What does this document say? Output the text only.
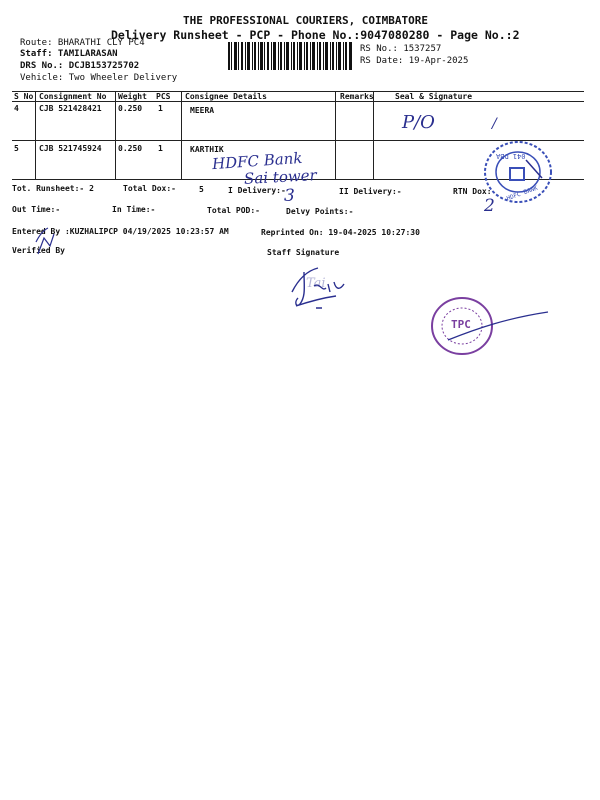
THE PROFESSIONAL COURIERS, COIMBATORE
Delivery Runsheet - PCP - Phone No.:9047080280 - Page No.:2
Route: BHARATHI CLY PC4
Staff: TAMILARASAN
DRS No.: DCJB153725702
Vehicle: Two Wheeler Delivery
RS No.: 1537257
RS Date: 19-Apr-2025
S No Consignment No Weight PCS Consignee Details	Remarks	Seal & Signature
4	CJB 521428421 0.250 1	MEERA
P/O	/
5	CJB 521745924 0.250 1	KARTHIK
HDFC Bank
Sai tower
041 DBA
HDFC BANK
Tot. Runsheet:- 2	Total Dox:-	5	I Delivery:-
3	II Delivery:-	RTN Dox:
2
Out Time:-	In Time:-	Total POD:-	Delvy Points:-
Entered By :KUZHALIPCP 04/19/2025 10:23:57 AM	Reprinted On: 19-04-2025 10:27:30
Verified By	Staff Signature
Tai
TPC
